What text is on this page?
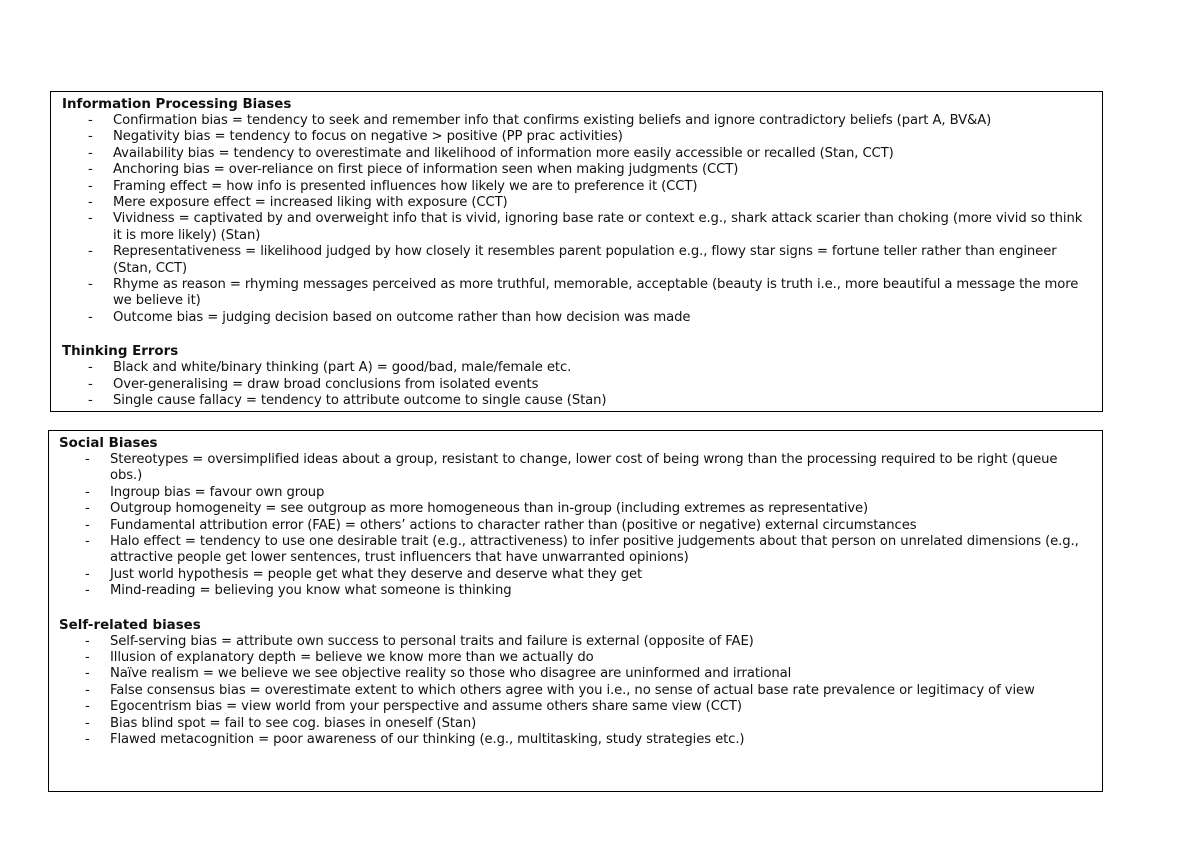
Information Processing Biases
- Confirmation bias = tendency to seek and remember info that confirms existing beliefs and ignore contradictory beliefs (part A, BV&A)
- Negativity bias = tendency to focus on negative > positive (PP prac activities)
- Availability bias = tendency to overestimate and likelihood of information more easily accessible or recalled (Stan, CCT)
- Anchoring bias = over-reliance on first piece of information seen when making judgments (CCT)
- Framing effect = how info is presented influences how likely we are to preference it (CCT)
- Mere exposure effect = increased liking with exposure (CCT)
- Vividness = captivated by and overweight info that is vivid, ignoring base rate or context e.g., shark attack scarier than choking (more vivid so think it is more likely) (Stan)
- Representativeness = likelihood judged by how closely it resembles parent population e.g., flowy star signs = fortune teller rather than engineer (Stan, CCT)
- Rhyme as reason = rhyming messages perceived as more truthful, memorable, acceptable (beauty is truth i.e., more beautiful a message the more we believe it)
- Outcome bias = judging decision based on outcome rather than how decision was made
Thinking Errors
- Black and white/binary thinking (part A) = good/bad, male/female etc.
- Over-generalising = draw broad conclusions from isolated events
- Single cause fallacy = tendency to attribute outcome to single cause (Stan)
Social Biases
- Stereotypes = oversimplified ideas about a group, resistant to change, lower cost of being wrong than the processing required to be right (queue obs.)
- Ingroup bias = favour own group
- Outgroup homogeneity = see outgroup as more homogeneous than in-group (including extremes as representative)
- Fundamental attribution error (FAE) = others’ actions to character rather than (positive or negative) external circumstances
- Halo effect = tendency to use one desirable trait (e.g., attractiveness) to infer positive judgements about that person on unrelated dimensions (e.g., attractive people get lower sentences, trust influencers that have unwarranted opinions)
- Just world hypothesis = people get what they deserve and deserve what they get
- Mind-reading = believing you know what someone is thinking
Self-related biases
- Self-serving bias = attribute own success to personal traits and failure is external (opposite of FAE)
- Illusion of explanatory depth = believe we know more than we actually do
- Naïve realism = we believe we see objective reality so those who disagree are uninformed and irrational
- False consensus bias = overestimate extent to which others agree with you i.e., no sense of actual base rate prevalence or legitimacy of view
- Egocentrism bias = view world from your perspective and assume others share same view (CCT)
- Bias blind spot = fail to see cog. biases in oneself (Stan)
- Flawed metacognition = poor awareness of our thinking (e.g., multitasking, study strategies etc.)
